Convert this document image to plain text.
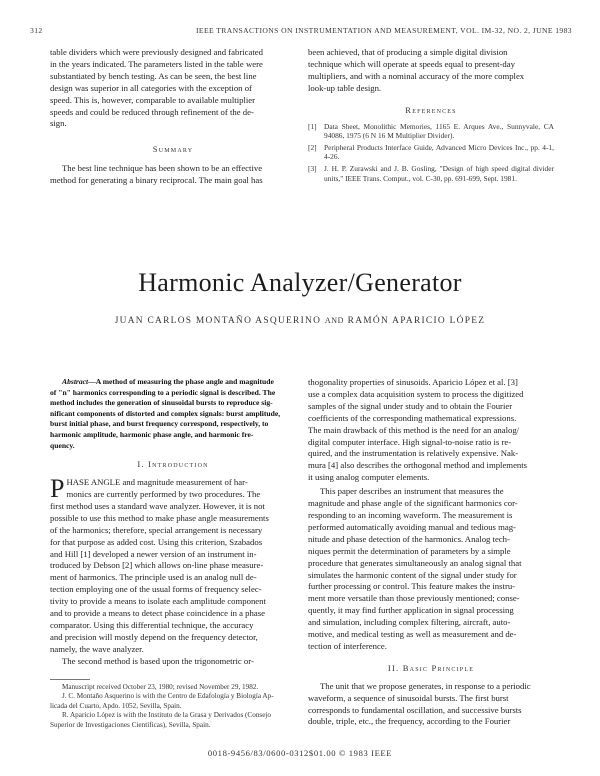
312	IEEE TRANSACTIONS ON INSTRUMENTATION AND MEASUREMENT, VOL. IM-32, NO. 2, JUNE 1983

table dividers which were previously designed and fabricated
in the years indicated. The parameters listed in the table were
substantiated by bench testing. As can be seen, the best line
design was superior in all categories with the exception of
speed. This is, however, comparable to available multiplier
speeds and could be reduced through refinement of the de-
sign.

Summary

The best line technique has been shown to be an effective
method for generating a binary reciprocal. The main goal has

been achieved, that of producing a simple digital division
technique which will operate at speeds equal to present-day
multipliers, and with a nominal accuracy of the more complex
look-up table design.

References

[1] Data Sheet, Monolithic Memories, 1165 E. Arques Ave., Sunnyvale, CA 94086, 1975 (6 N 16 M Multiplier Divider).
[2] Peripheral Products Interface Guide, Advanced Micro Devices Inc., pp. 4-1, 4-26.
[3] J. H. P. Zurawski and J. B. Gosling, "Design of high speed digital divider units," IEEE Trans. Comput., vol. C-30, pp. 691-699, Sept. 1981.
Harmonic Analyzer/Generator
JUAN CARLOS MONTAÑO ASQUERINO AND RAMÓN APARICIO LÓPEZ

Abstract—A method of measuring the phase angle and magnitude
of "n" harmonics corresponding to a periodic signal is described. The
method includes the generation of sinusoidal bursts to reproduce sig-
nificant components of distorted and complex signals: burst amplitude,
burst initial phase, and burst frequency correspond, respectively, to
harmonic amplitude, harmonic phase angle, and harmonic fre-
quency.

I. Introduction

P HASE ANGLE and magnitude measurement of har-
monics are currently performed by two procedures. The
first method uses a standard wave analyzer. However, it is not
possible to use this method to make phase angle measurements
of the harmonics; therefore, special arrangement is necessary
for that purpose as added cost. Using this criterion, Szabados
and Hill [1] developed a newer version of an instrument in-
troduced by Debson [2] which allows on-line phase measure-
ment of harmonics. The principle used is an analog null de-
tection employing one of the usual forms of frequency selec-
tivity to provide a means to isolate each amplitude component
and to provide a means to detect phase coincidence in a phase
comparator. Using this differential technique, the accuracy
and precision will mostly depend on the frequency detector,
namely, the wave analyzer.
The second method is based upon the trigonometric or-

Manuscript received October 23, 1980; revised November 29, 1982.
J. C. Montaño Asquerino is with the Centro de Edafología y Biología Ap-
licada del Cuarto, Apdo. 1052, Sevilla, Spain.
R. Aparicio López is with the Instituto de la Grasa y Derivados (Consejo
Superior de Investigaciones Científicas), Sevilla, Spain.

thogonality properties of sinusoids. Aparicio López et al. [3]
use a complex data acquisition system to process the digitized
samples of the signal under study and to obtain the Fourier
coefficients of the corresponding mathematical expressions.
The main drawback of this method is the need for an analog/
digital computer interface. High signal-to-noise ratio is re-
quired, and the instrumentation is relatively expensive. Nak-
mura [4] also describes the orthogonal method and implements
it using analog computer elements.

This paper describes an instrument that measures the
magnitude and phase angle of the significant harmonics cor-
responding to an incoming waveform. The measurement is
performed automatically avoiding manual and tedious mag-
nitude and phase detection of the harmonics. Analog tech-
niques permit the determination of parameters by a simple
procedure that generates simultaneously an analog signal that
simulates the harmonic content of the signal under study for
further processing or control. This feature makes the instru-
ment more versatile than those previously mentioned; conse-
quently, it may find further application in signal processing
and simulation, including complex filtering, aircraft, auto-
motive, and medical testing as well as measurement and de-
tection of interference.

II. Basic Principle

The unit that we propose generates, in response to a periodic
waveform, a sequence of sinusoidal bursts. The first burst
corresponds to fundamental oscillation, and successive bursts
double, triple, etc., the frequency, according to the Fourier

0018-9456/83/0600-0312$01.00 © 1983 IEEE
